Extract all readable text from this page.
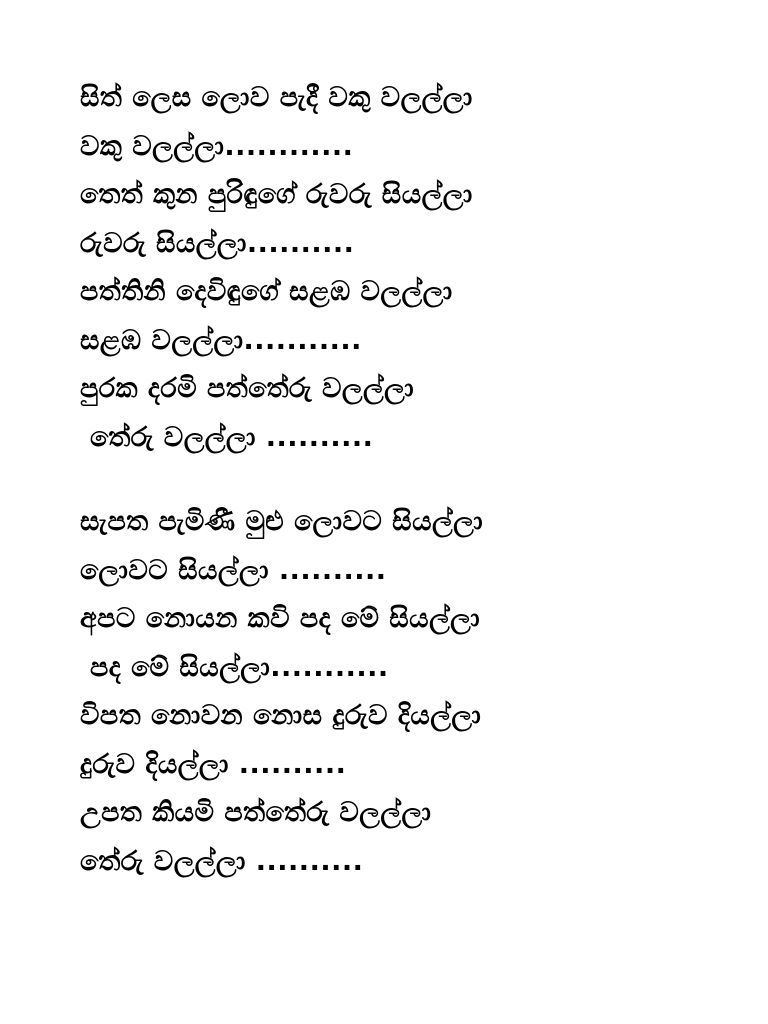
සිත් ලෙස ලොව පැදී වකු වලල්ලා
වකු වලල්ලා............
තෙත් කුන පුරිඳුගේ රුවරු සියල්ලා
රුවරු සියල්ලා..........
පත්තිනි දෙවිඳුගේ සළඹ වලල්ලා
සළඹ වලල්ලා...........
පුරක දරමි පත්තේරු වලල්ලා
තේරු වලල්ලා ..........
සැපත පැමිණී මුළු ලොවට සියල්ලා
ලොවට සියල්ලා ..........
අපට නොයන කවි පද මේ සියල්ලා
පද මේ සියල්ලා...........
විපත නොවන නොස දුරුව දියල්ලා
දුරුව දියල්ලා ..........
උපත කියමි පත්තේරු වලල්ලා
තේරු වලල්ලා ..........
